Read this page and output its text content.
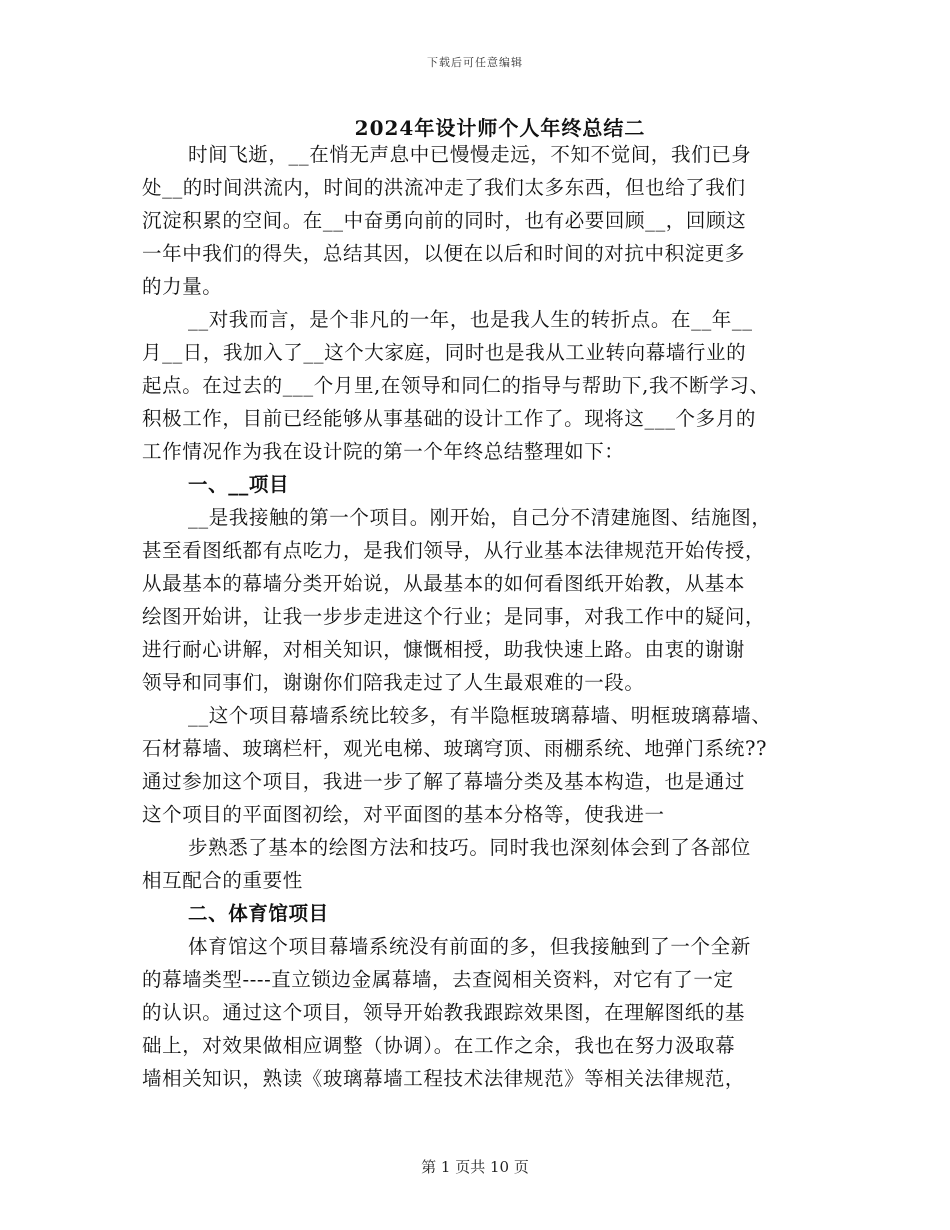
下载后可任意编辑
2024年设计师个人年终总结二
时间飞逝，__在悄无声息中已慢慢走远，不知不觉间，我们已身
处__的时间洪流内，时间的洪流冲走了我们太多东西，但也给了我们
沉淀积累的空间。在__中奋勇向前的同时，也有必要回顾__，回顾这
一年中我们的得失，总结其因，以便在以后和时间的对抗中积淀更多
的力量。
__对我而言，是个非凡的一年，也是我人生的转折点。在__年__
月__日，我加入了__这个大家庭，同时也是我从工业转向幕墙行业的
起点。在过去的___个月里,在领导和同仁的指导与帮助下,我不断学习、
积极工作，目前已经能够从事基础的设计工作了。现将这___个多月的
工作情况作为我在设计院的第一个年终总结整理如下：
一、__项目
__是我接触的第一个项目。刚开始，自己分不清建施图、结施图，
甚至看图纸都有点吃力，是我们领导，从行业基本法律规范开始传授，
从最基本的幕墙分类开始说，从最基本的如何看图纸开始教，从基本
绘图开始讲，让我一步步走进这个行业；是同事，对我工作中的疑问，
进行耐心讲解，对相关知识，慷慨相授，助我快速上路。由衷的谢谢
领导和同事们，谢谢你们陪我走过了人生最艰难的一段。
__这个项目幕墙系统比较多，有半隐框玻璃幕墙、明框玻璃幕墙、
石材幕墙、玻璃栏杆，观光电梯、玻璃穹顶、雨棚系统、地弹门系统??
通过参加这个项目，我进一步了解了幕墙分类及基本构造，也是通过
这个项目的平面图初绘，对平面图的基本分格等，使我进一
步熟悉了基本的绘图方法和技巧。同时我也深刻体会到了各部位
相互配合的重要性
二、体育馆项目
体育馆这个项目幕墙系统没有前面的多，但我接触到了一个全新
的幕墙类型----直立锁边金属幕墙，去查阅相关资料，对它有了一定
的认识。通过这个项目，领导开始教我跟踪效果图，在理解图纸的基
础上，对效果做相应调整（协调）。在工作之余，我也在努力汲取幕
墙相关知识，熟读《玻璃幕墙工程技术法律规范》等相关法律规范，
第 1 页共 10 页
